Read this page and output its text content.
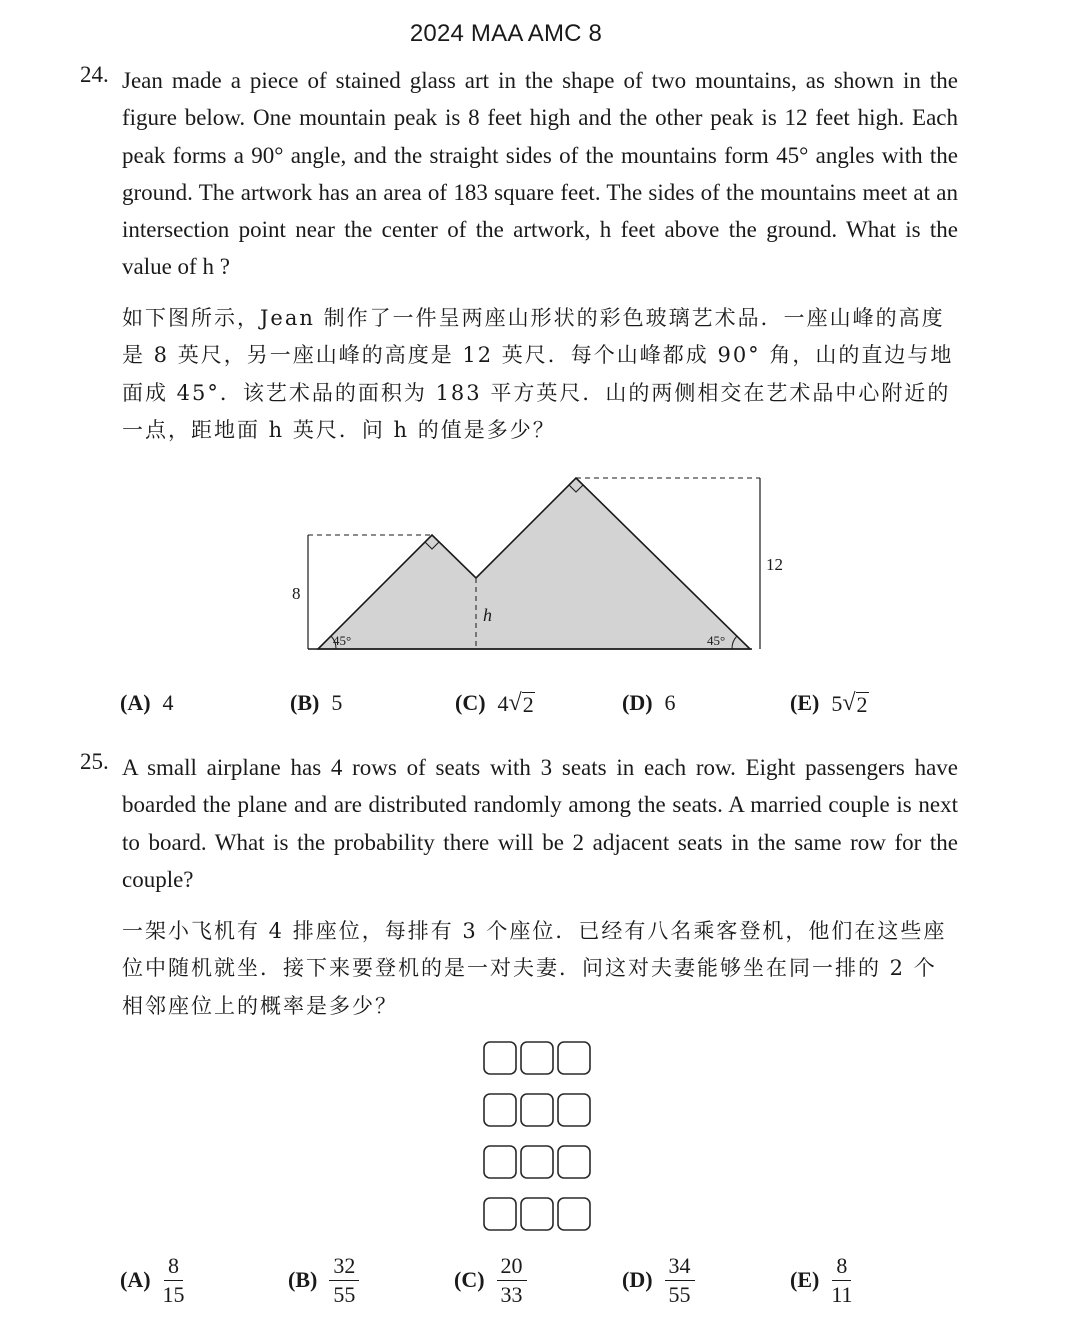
2024 MAA AMC 8
24. Jean made a piece of stained glass art in the shape of two mountains, as shown in the figure below. One mountain peak is 8 feet high and the other peak is 12 feet high. Each peak forms a 90° angle, and the straight sides of the mountains form 45° angles with the ground. The artwork has an area of 183 square feet. The sides of the mountains meet at an intersection point near the center of the artwork, h feet above the ground. What is the value of h ?
如下图所示，Jean 制作了一件呈两座山形状的彩色玻璃艺术品．一座山峰的高度是 8 英尺，另一座山峰的高度是 12 英尺．每个山峰都成 90° 角，山的直边与地面成 45°．该艺术品的面积为 183 平方英尺．山的两侧相交在艺术品中心附近的一点，距地面 h 英尺．问 h 的值是多少？
8
12
h
45°	45°
(A) 4	(B) 5	(C) 4 √ 2	(D) 6	(E) 5 √ 2
25. A small airplane has 4 rows of seats with 3 seats in each row. Eight passengers have boarded the plane and are distributed randomly among the seats. A married couple is next to board. What is the probability there will be 2 adjacent seats in the same row for the couple?
一架小飞机有 4 排座位，每排有 3 个座位．已经有八名乘客登机，他们在这些座位中随机就坐．接下来要登机的是一对夫妻．问这对夫妻能够坐在同一排的 2 个相邻座位上的概率是多少？
$(A) \frac{8}{15}$	$(B) \frac{32}{55}$	$(C) \frac{20}{33}$	$(D) \frac{34}{55}$	$(E) \frac{8}{11}$
